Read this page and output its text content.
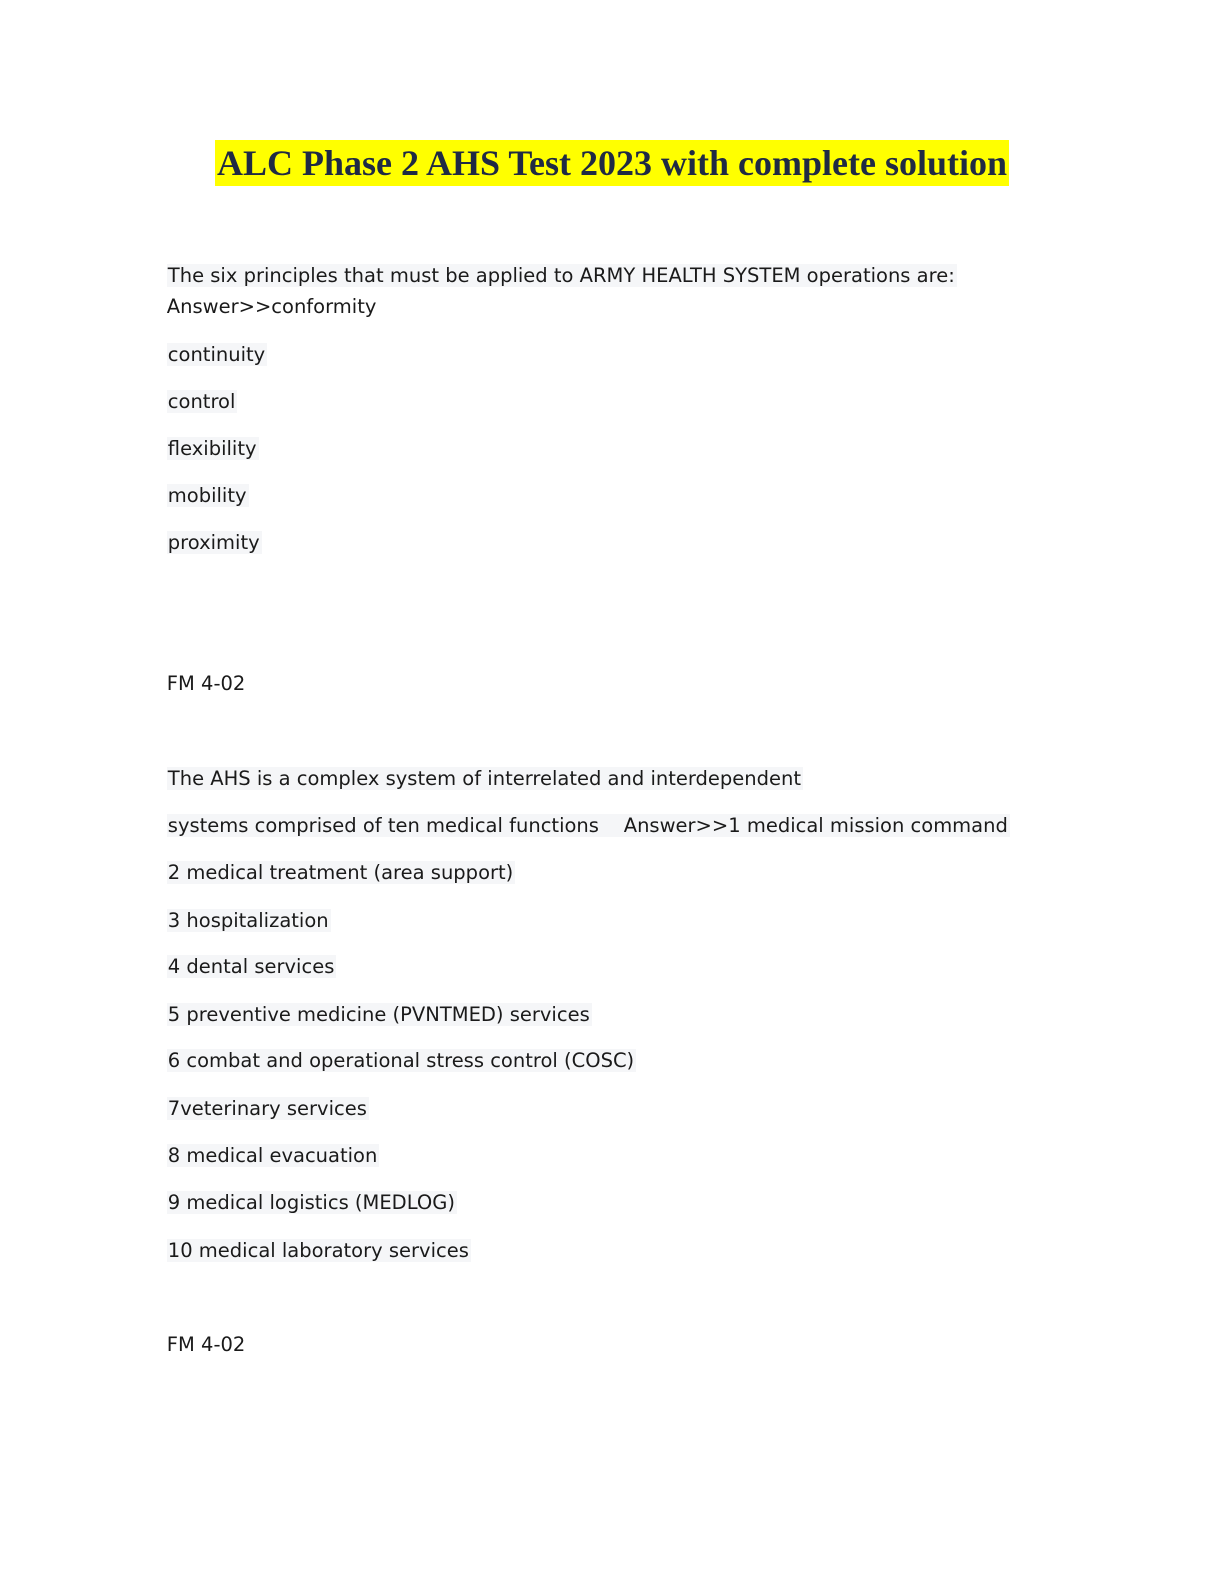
ALC Phase 2 AHS Test 2023 with complete solution

The six principles that must be applied to ARMY HEALTH SYSTEM operations are:

Answer>>conformity

continuity

control

flexibility

mobility

proximity

FM 4-02

The AHS is a complex system of interrelated and interdependent

systems comprised of ten medical functions    Answer>>1 medical mission command

2 medical treatment (area support)

3 hospitalization

4 dental services

5 preventive medicine (PVNTMED) services

6 combat and operational stress control (COSC)

7veterinary services

8 medical evacuation

9 medical logistics (MEDLOG)

10 medical laboratory services

FM 4-02
